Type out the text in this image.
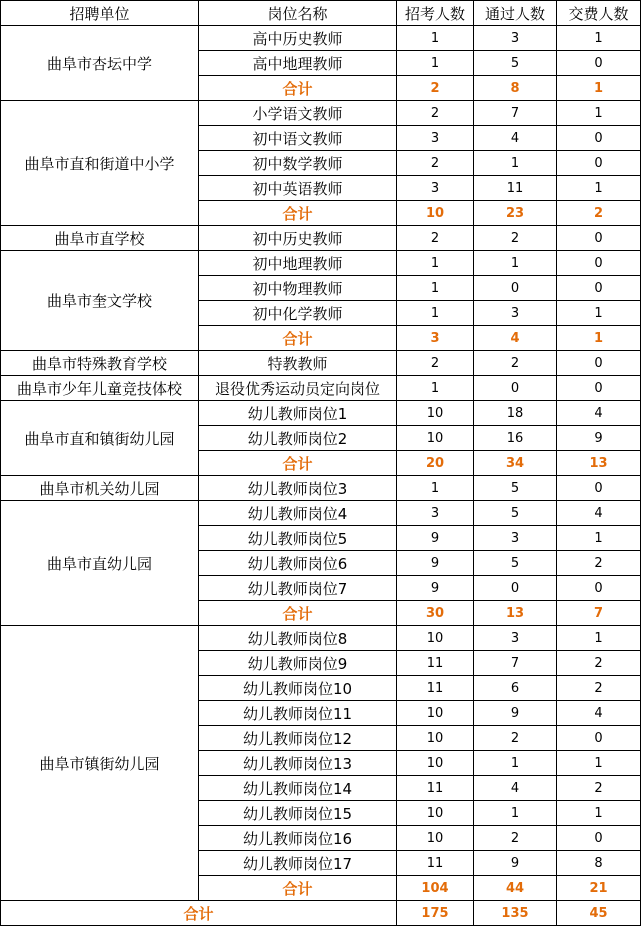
招聘单位	岗位名称	招考人数	通过人数	交费人数
曲阜市杏坛中学	高中历史教师	1	3	1
	高中地理教师	1	5	0
	合计	2	8	1
曲阜市直和街道中小学	小学语文教师	2	7	1
	初中语文教师	3	4	0
	初中数学教师	2	1	0
	初中英语教师	3	11	1
	合计	10	23	2
曲阜市直学校	初中历史教师	2	2	0
曲阜市奎文学校	初中地理教师	1	1	0
	初中物理教师	1	0	0
	初中化学教师	1	3	1
	合计	3	4	1
曲阜市特殊教育学校	特教教师	2	2	0
曲阜市少年儿童竞技体校	退役优秀运动员定向岗位	1	0	0
曲阜市直和镇街幼儿园	幼儿教师岗位1	10	18	4
	幼儿教师岗位2	10	16	9
	合计	20	34	13
曲阜市机关幼儿园	幼儿教师岗位3	1	5	0
曲阜市直幼儿园	幼儿教师岗位4	3	5	4
	幼儿教师岗位5	9	3	1
	幼儿教师岗位6	9	5	2
	幼儿教师岗位7	9	0	0
	合计	30	13	7
曲阜市镇街幼儿园	幼儿教师岗位8	10	3	1
	幼儿教师岗位9	11	7	2
	幼儿教师岗位10	11	6	2
	幼儿教师岗位11	10	9	4
	幼儿教师岗位12	10	2	0
	幼儿教师岗位13	10	1	1
	幼儿教师岗位14	11	4	2
	幼儿教师岗位15	10	1	1
	幼儿教师岗位16	10	2	0
	幼儿教师岗位17	11	9	8
	合计	104	44	21
合计		175	135	45
